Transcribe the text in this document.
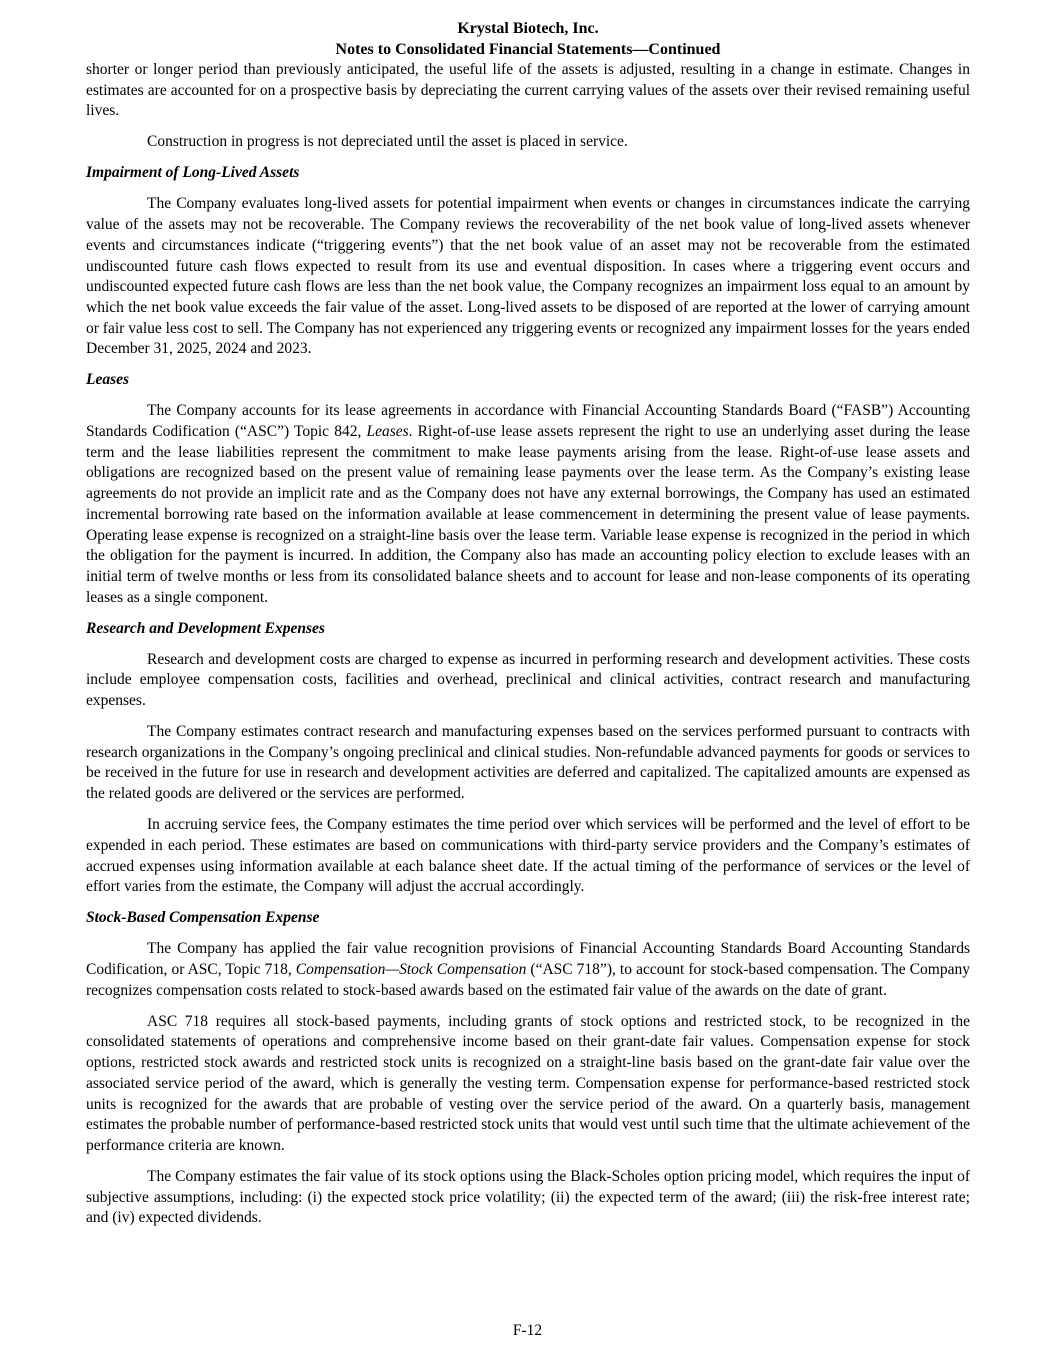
Krystal Biotech, Inc.
Notes to Consolidated Financial Statements—Continued

shorter or longer period than previously anticipated, the useful life of the assets is adjusted, resulting in a change in estimate. Changes in estimates are accounted for on a prospective basis by depreciating the current carrying values of the assets over their revised remaining useful lives.

Construction in progress is not depreciated until the asset is placed in service.

Impairment of Long-Lived Assets

The Company evaluates long-lived assets for potential impairment when events or changes in circumstances indicate the carrying value of the assets may not be recoverable. The Company reviews the recoverability of the net book value of long-lived assets whenever events and circumstances indicate (“triggering events”) that the net book value of an asset may not be recoverable from the estimated undiscounted future cash flows expected to result from its use and eventual disposition. In cases where a triggering event occurs and undiscounted expected future cash flows are less than the net book value, the Company recognizes an impairment loss equal to an amount by which the net book value exceeds the fair value of the asset. Long-lived assets to be disposed of are reported at the lower of carrying amount or fair value less cost to sell. The Company has not experienced any triggering events or recognized any impairment losses for the years ended December 31, 2025, 2024 and 2023.

Leases

The Company accounts for its lease agreements in accordance with Financial Accounting Standards Board (“FASB”) Accounting Standards Codification (“ASC”) Topic 842, Leases. Right-of-use lease assets represent the right to use an underlying asset during the lease term and the lease liabilities represent the commitment to make lease payments arising from the lease. Right-of-use lease assets and obligations are recognized based on the present value of remaining lease payments over the lease term. As the Company’s existing lease agreements do not provide an implicit rate and as the Company does not have any external borrowings, the Company has used an estimated incremental borrowing rate based on the information available at lease commencement in determining the present value of lease payments. Operating lease expense is recognized on a straight-line basis over the lease term. Variable lease expense is recognized in the period in which the obligation for the payment is incurred. In addition, the Company also has made an accounting policy election to exclude leases with an initial term of twelve months or less from its consolidated balance sheets and to account for lease and non-lease components of its operating leases as a single component.

Research and Development Expenses

Research and development costs are charged to expense as incurred in performing research and development activities. These costs include employee compensation costs, facilities and overhead, preclinical and clinical activities, contract research and manufacturing expenses.

The Company estimates contract research and manufacturing expenses based on the services performed pursuant to contracts with research organizations in the Company’s ongoing preclinical and clinical studies. Non-refundable advanced payments for goods or services to be received in the future for use in research and development activities are deferred and capitalized. The capitalized amounts are expensed as the related goods are delivered or the services are performed.

In accruing service fees, the Company estimates the time period over which services will be performed and the level of effort to be expended in each period. These estimates are based on communications with third-party service providers and the Company’s estimates of accrued expenses using information available at each balance sheet date. If the actual timing of the performance of services or the level of effort varies from the estimate, the Company will adjust the accrual accordingly.

Stock-Based Compensation Expense

The Company has applied the fair value recognition provisions of Financial Accounting Standards Board Accounting Standards Codification, or ASC, Topic 718, Compensation—Stock Compensation (“ASC 718”), to account for stock-based compensation. The Company recognizes compensation costs related to stock-based awards based on the estimated fair value of the awards on the date of grant.

ASC 718 requires all stock-based payments, including grants of stock options and restricted stock, to be recognized in the consolidated statements of operations and comprehensive income based on their grant-date fair values. Compensation expense for stock options, restricted stock awards and restricted stock units is recognized on a straight-line basis based on the grant-date fair value over the associated service period of the award, which is generally the vesting term. Compensation expense for performance-based restricted stock units is recognized for the awards that are probable of vesting over the service period of the award. On a quarterly basis, management estimates the probable number of performance-based restricted stock units that would vest until such time that the ultimate achievement of the performance criteria are known.

The Company estimates the fair value of its stock options using the Black-Scholes option pricing model, which requires the input of subjective assumptions, including: (i) the expected stock price volatility; (ii) the expected term of the award; (iii) the risk-free interest rate; and (iv) expected dividends.

F-12
